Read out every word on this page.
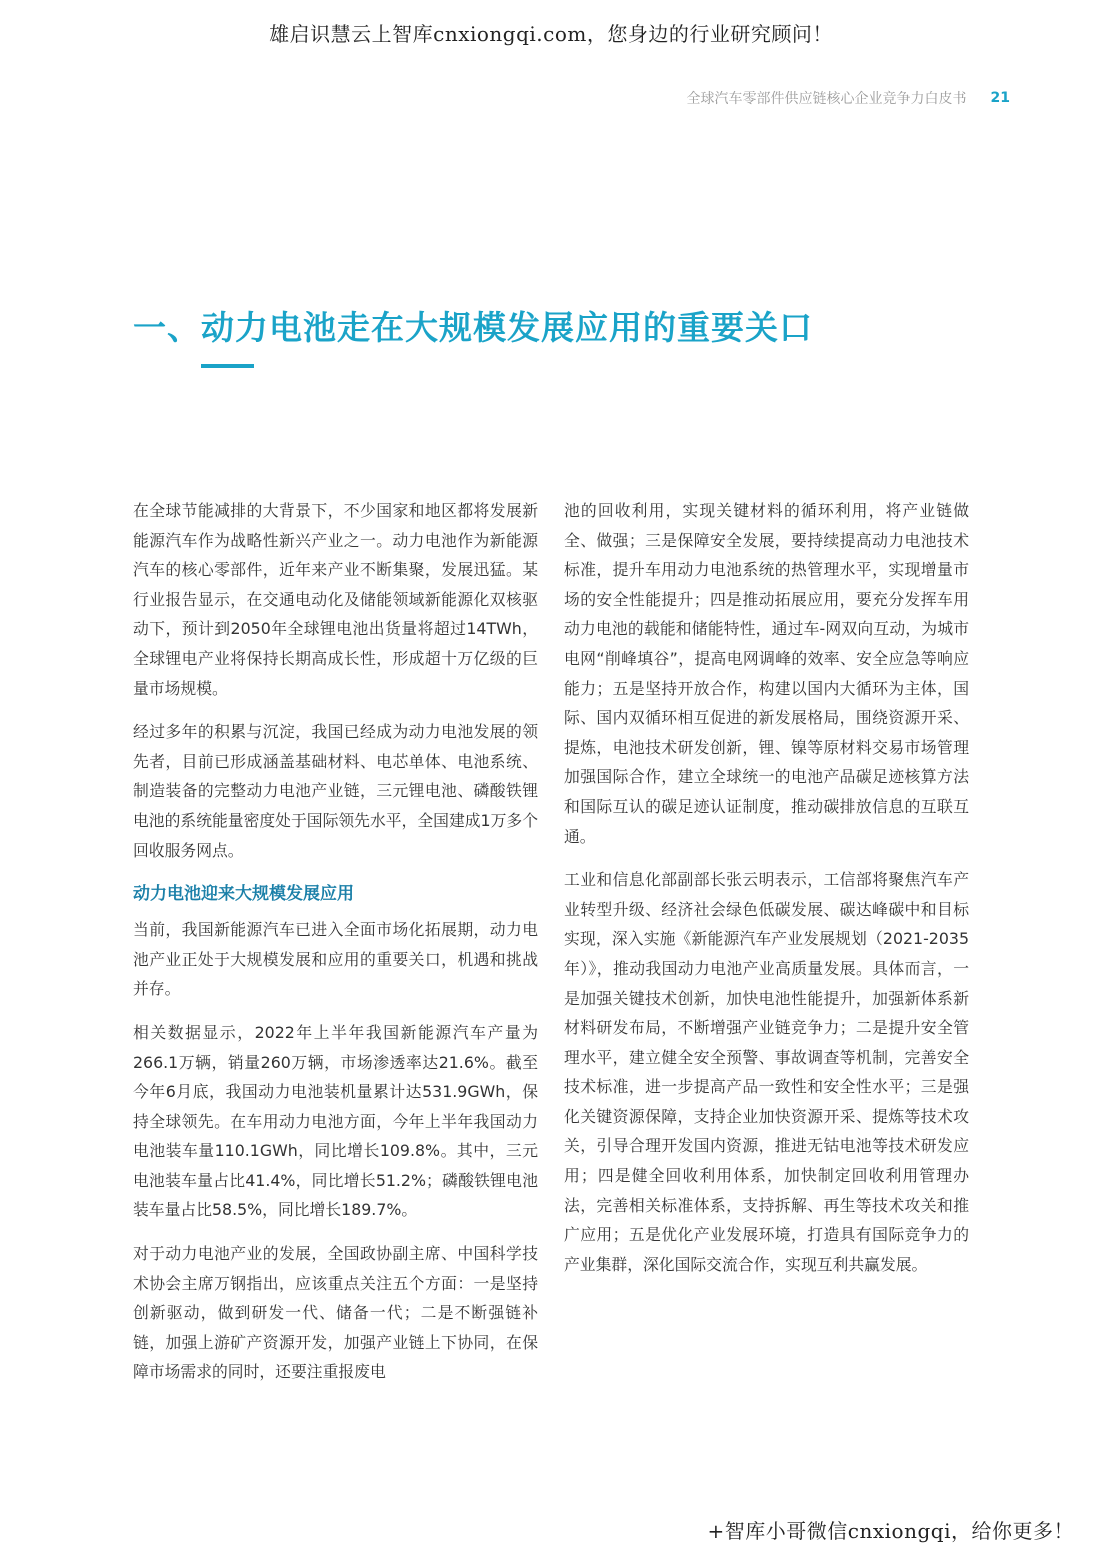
雄启识慧云上智库cnxiongqi.com，您身边的行业研究顾问！
全球汽车零部件供应链核心企业竞争力白皮书 21
一、动力电池走在大规模发展应用的重要关口

在全球节能减排的大背景下，不少国家和地区都将发展新能源汽车作为战略性新兴产业之一。动力电池作为新能源汽车的核心零部件，近年来产业不断集聚，发展迅猛。某行业报告显示，在交通电动化及储能领域新能源化双核驱动下，预计到2050年全球锂电池出货量将超过14TWh，全球锂电产业将保持长期高成长性，形成超十万亿级的巨量市场规模。

经过多年的积累与沉淀，我国已经成为动力电池发展的领先者，目前已形成涵盖基础材料、电芯单体、电池系统、制造装备的完整动力电池产业链，三元锂电池、磷酸铁锂电池的系统能量密度处于国际领先水平，全国建成1万多个回收服务网点。

动力电池迎来大规模发展应用

当前，我国新能源汽车已进入全面市场化拓展期，动力电池产业正处于大规模发展和应用的重要关口，机遇和挑战并存。

相关数据显示，2022年上半年我国新能源汽车产量为266.1万辆，销量260万辆，市场渗透率达21.6%。截至今年6月底，我国动力电池装机量累计达531.9GWh，保持全球领先。在车用动力电池方面，今年上半年我国动力电池装车量110.1GWh，同比增长109.8%。其中，三元电池装车量占比41.4%，同比增长51.2%；磷酸铁锂电池装车量占比58.5%，同比增长189.7%。

对于动力电池产业的发展，全国政协副主席、中国科学技术协会主席万钢指出，应该重点关注五个方面：一是坚持创新驱动，做到研发一代、储备一代；二是不断强链补链，加强上游矿产资源开发，加强产业链上下协同，在保障市场需求的同时，还要注重报废电

池的回收利用，实现关键材料的循环利用，将产业链做全、做强；三是保障安全发展，要持续提高动力电池技术标准，提升车用动力电池系统的热管理水平，实现增量市场的安全性能提升；四是推动拓展应用，要充分发挥车用动力电池的载能和储能特性，通过车-网双向互动，为城市电网“削峰填谷”，提高电网调峰的效率、安全应急等响应能力；五是坚持开放合作，构建以国内大循环为主体，国际、国内双循环相互促进的新发展格局，围绕资源开采、提炼，电池技术研发创新，锂、镍等原材料交易市场管理加强国际合作，建立全球统一的电池产品碳足迹核算方法和国际互认的碳足迹认证制度，推动碳排放信息的互联互通。

工业和信息化部副部长张云明表示，工信部将聚焦汽车产业转型升级、经济社会绿色低碳发展、碳达峰碳中和目标实现，深入实施《新能源汽车产业发展规划（2021-2035年）》，推动我国动力电池产业高质量发展。具体而言，一是加强关键技术创新，加快电池性能提升，加强新体系新材料研发布局，不断增强产业链竞争力；二是提升安全管理水平，建立健全安全预警、事故调查等机制，完善安全技术标准，进一步提高产品一致性和安全性水平；三是强化关键资源保障，支持企业加快资源开采、提炼等技术攻关，引导合理开发国内资源，推进无钴电池等技术研发应用；四是健全回收利用体系，加快制定回收利用管理办法，完善相关标准体系，支持拆解、再生等技术攻关和推广应用；五是优化产业发展环境，打造具有国际竞争力的产业集群，深化国际交流合作，实现互利共赢发展。

+智库小哥微信cnxiongqi，给你更多！
